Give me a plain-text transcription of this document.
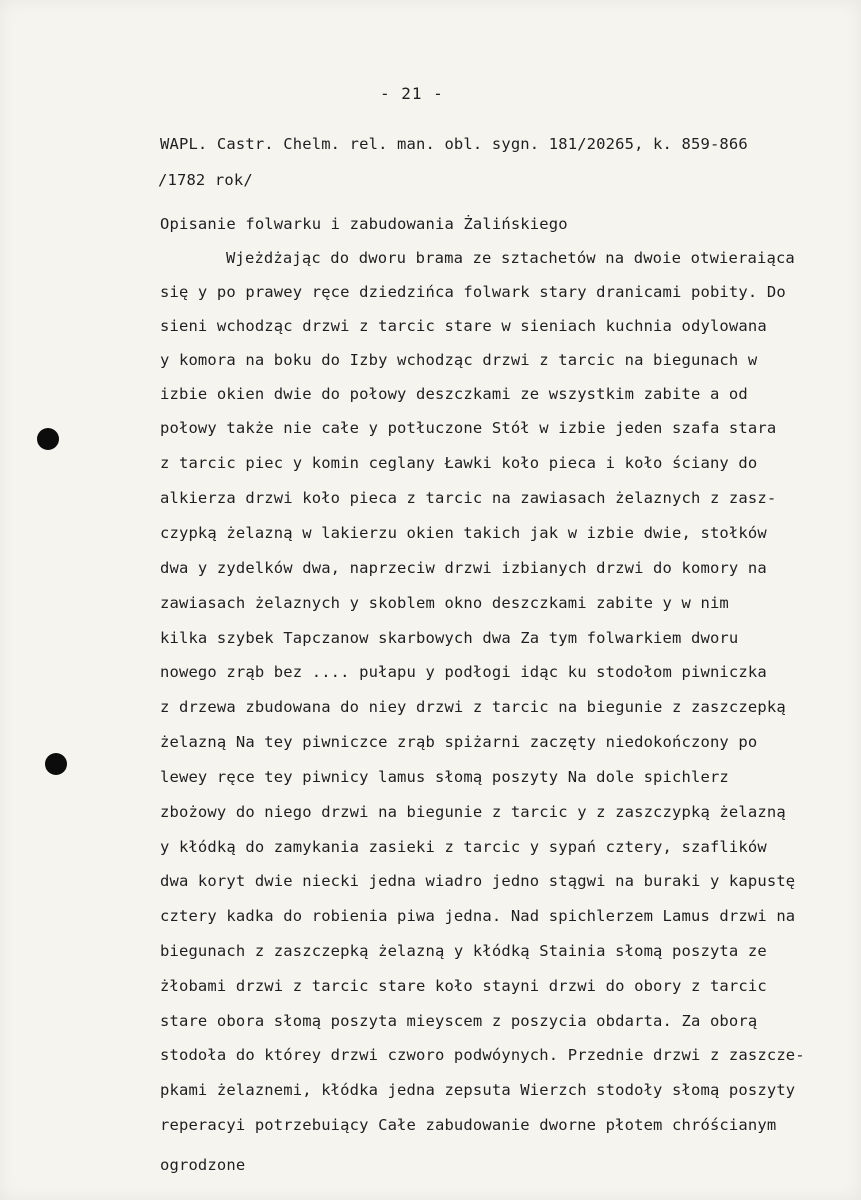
- 21 -
WAPL. Castr. Chelm. rel. man. obl. sygn. 181/20265, k. 859-866
/1782 rok/
Opisanie folwarku i zabudowania Żalińskiego
Wjeżdżając do dworu brama ze sztachetów na dwoie otwieraiąca
się y po prawey ręce dziedzińca folwark stary dranicami pobity. Do
sieni wchodząc drzwi z tarcic stare w sieniach kuchnia odylowana
y komora na boku do Izby wchodząc drzwi z tarcic na biegunach w
izbie okien dwie do połowy deszczkami ze wszystkim zabite a od
połowy także nie całe y potłuczone Stół w izbie jeden szafa stara
z tarcic piec y komin ceglany Ławki koło pieca i koło ściany do
alkierza drzwi koło pieca z tarcic na zawiasach żelaznych z zasz-
czypką żelazną w lakierzu okien takich jak w izbie dwie, stołków
dwa y zydelków dwa, naprzeciw drzwi izbianych drzwi do komory na
zawiasach żelaznych y skoblem okno deszczkami zabite y w nim
kilka szybek Tapczanow skarbowych dwa Za tym folwarkiem dworu
nowego zrąb bez .... pułapu y podłogi idąc ku stodołom piwniczka
z drzewa zbudowana do niey drzwi z tarcic na biegunie z zaszczepką
żelazną Na tey piwniczce zrąb spiżarni zaczęty niedokończony po
lewey ręce tey piwnicy lamus słomą poszyty Na dole spichlerz
zbożowy do niego drzwi na biegunie z tarcic y z zaszczypką żelazną
y kłódką do zamykania zasieki z tarcic y sypań cztery, szaflików
dwa koryt dwie niecki jedna wiadro jedno stągwi na buraki y kapustę
cztery kadka do robienia piwa jedna. Nad spichlerzem Lamus drzwi na
biegunach z zaszczepką żelazną y kłódką Stainia słomą poszyta ze
żłobami drzwi z tarcic stare koło stayni drzwi do obory z tarcic
stare obora słomą poszyta mieyscem z poszycia obdarta. Za oborą
stodoła do którey drzwi czworo podwóynych. Przednie drzwi z zaszcze-
pkami żelaznemi, kłódka jedna zepsuta Wierzch stodoły słomą poszyty
reperacyi potrzebuiący Całe zabudowanie dworne płotem chróścianym
ogrodzone
